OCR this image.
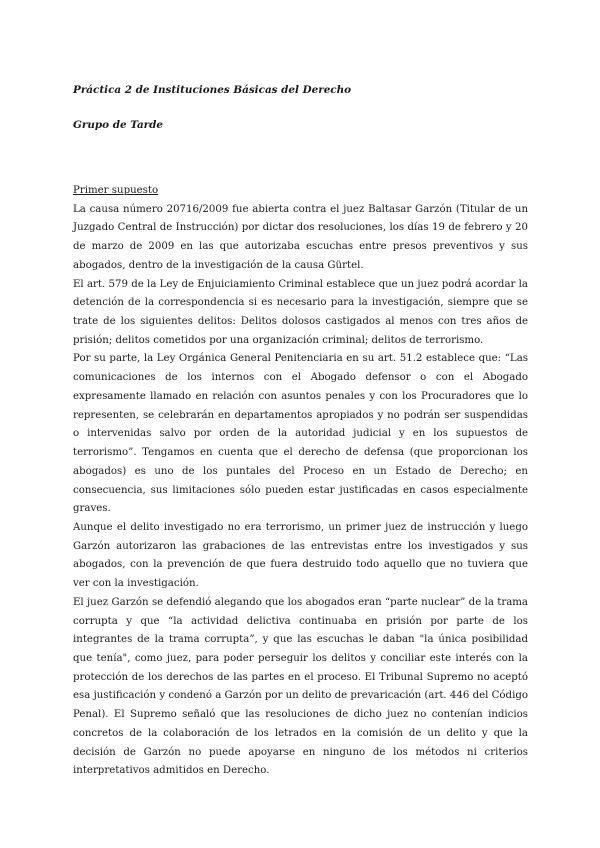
Práctica 2 de Instituciones Básicas del Derecho

Grupo de Tarde

Primer supuesto

La causa número 20716/2009 fue abierta contra el juez Baltasar Garzón (Titular de un Juzgado Central de Instrucción) por dictar dos resoluciones, los días 19 de febrero y 20 de marzo de 2009 en las que autorizaba escuchas entre presos preventivos y sus abogados, dentro de la investigación de la causa Gürtel.

El art. 579 de la Ley de Enjuiciamiento Criminal establece que un juez podrá acordar la detención de la correspondencia si es necesario para la investigación, siempre que se trate de los siguientes delitos: Delitos dolosos castigados al menos con tres años de prisión; delitos cometidos por una organización criminal; delitos de terrorismo.

Por su parte, la Ley Orgánica General Penitenciaria en su art. 51.2 establece que: “Las comunicaciones de los internos con el Abogado defensor o con el Abogado expresamente llamado en relación con asuntos penales y con los Procuradores que lo representen, se celebrarán en departamentos apropiados y no podrán ser suspendidas o intervenidas salvo por orden de la autoridad judicial y en los supuestos de terrorismo”. Tengamos en cuenta que el derecho de defensa (que proporcionan los abogados) es uno de los puntales del Proceso en un Estado de Derecho; en consecuencia, sus limitaciones sólo pueden estar justificadas en casos especialmente graves.

Aunque el delito investigado no era terrorismo, un primer juez de instrucción y luego Garzón autorizaron las grabaciones de las entrevistas entre los investigados y sus abogados, con la prevención de que fuera destruido todo aquello que no tuviera que ver con la investigación.

El juez Garzón se defendió alegando que los abogados eran “parte nuclear” de la trama corrupta y que “la actividad delictiva continuaba en prisión por parte de los integrantes de la trama corrupta”, y que las escuchas le daban "la única posibilidad que tenía", como juez, para poder perseguir los delitos y conciliar este interés con la protección de los derechos de las partes en el proceso. El Tribunal Supremo no aceptó esa justificación y condenó a Garzón por un delito de prevaricación (art. 446 del Código Penal). El Supremo señaló que las resoluciones de dicho juez no contenían indicios concretos de la colaboración de los letrados en la comisión de un delito y que la decisión de Garzón no puede apoyarse en ninguno de los métodos ni criterios interpretativos admitidos en Derecho.
